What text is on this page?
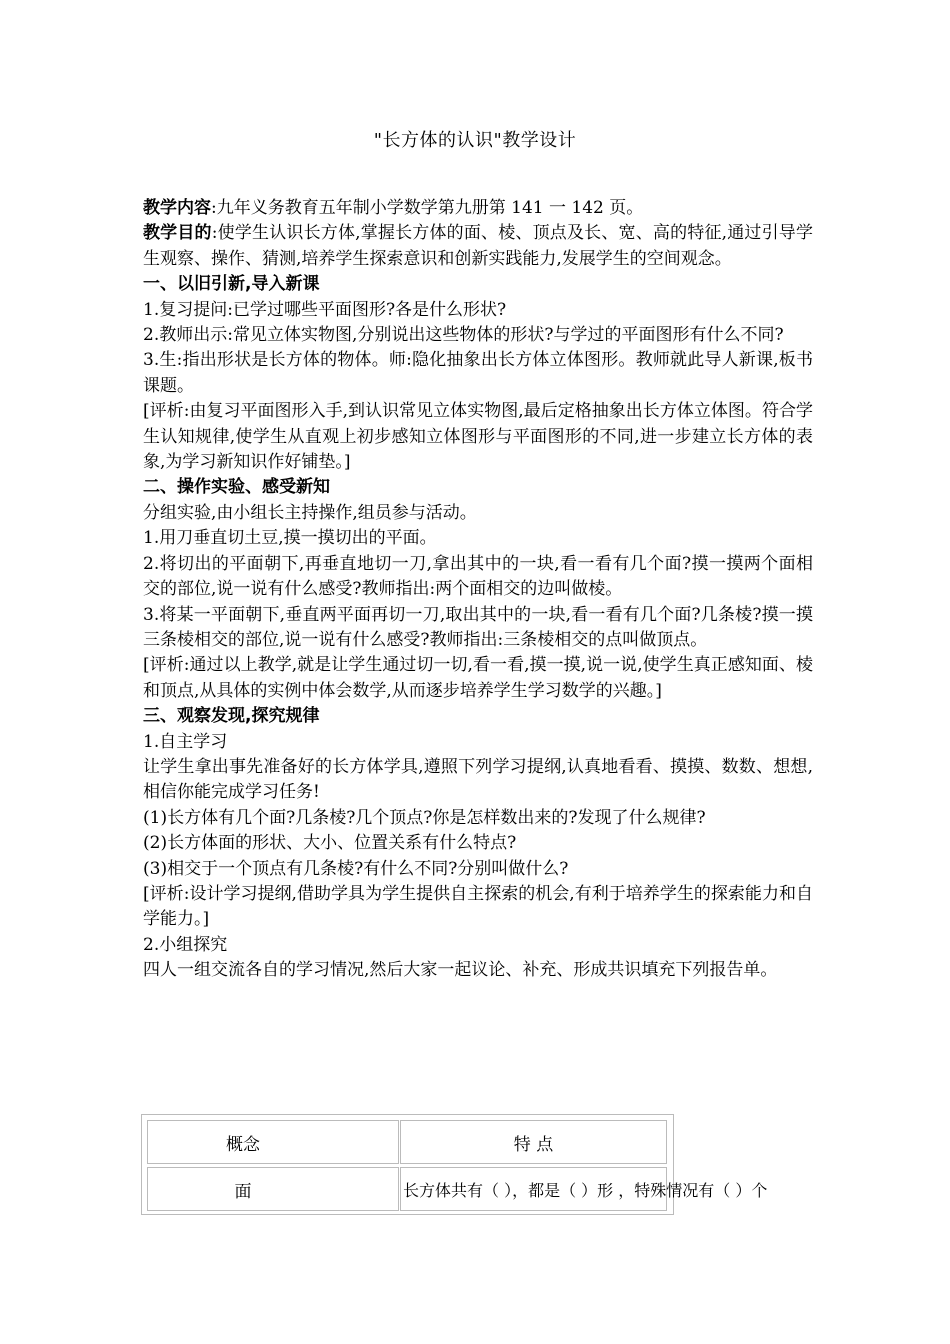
"长方体的认识"教学设计

教学内容:九年义务教育五年制小学数学第九册第 141 一 142 页。

教学目的:使学生认识长方体,掌握长方体的面、棱、顶点及长、宽、高的特征,通过引导学生观察、操作、猜测,培养学生探索意识和创新实践能力,发展学生的空间观念。

一、以旧引新,导入新课

1.复习提问:已学过哪些平面图形?各是什么形状?

2.教师出示:常见立体实物图,分别说出这些物体的形状?与学过的平面图形有什么不同?

3.生:指出形状是长方体的物体。师:隐化抽象出长方体立体图形。教师就此导人新课,板书课题。

[评析:由复习平面图形入手,到认识常见立体实物图,最后定格抽象出长方体立体图。符合学生认知规律,使学生从直观上初步感知立体图形与平面图形的不同,进一步建立长方体的表象,为学习新知识作好铺垫。]

二、操作实验、感受新知

分组实验,由小组长主持操作,组员参与活动。

1.用刀垂直切土豆,摸一摸切出的平面。

2.将切出的平面朝下,再垂直地切一刀,拿出其中的一块,看一看有几个面?摸一摸两个面相交的部位,说一说有什么感受?教师指出:两个面相交的边叫做棱。

3.将某一平面朝下,垂直两平面再切一刀,取出其中的一块,看一看有几个面?几条棱?摸一摸三条棱相交的部位,说一说有什么感受?教师指出:三条棱相交的点叫做顶点。

[评析:通过以上教学,就是让学生通过切一切,看一看,摸一摸,说一说,使学生真正感知面、棱和顶点,从具体的实例中体会数学,从而逐步培养学生学习数学的兴趣。]

三、观察发现,探究规律

1.自主学习

让学生拿出事先准备好的长方体学具,遵照下列学习提纲,认真地看看、摸摸、数数、想想,相信你能完成学习任务!

(1)长方体有几个面?几条棱?几个顶点?你是怎样数出来的?发现了什么规律?

(2)长方体面的形状、大小、位置关系有什么特点?

(3)相交于一个顶点有几条棱?有什么不同?分别叫做什么?

[评析:设计学习提纲,借助学具为学生提供自主探索的机会,有利于培养学生的探索能力和自学能力。]

2.小组探究

四人一组交流各自的学习情况,然后大家一起议论、补充、形成共识填充下列报告单。

概念	特 点
面	长方体共有（ ），都是（ ）形 ，特殊情况有（ ）个
